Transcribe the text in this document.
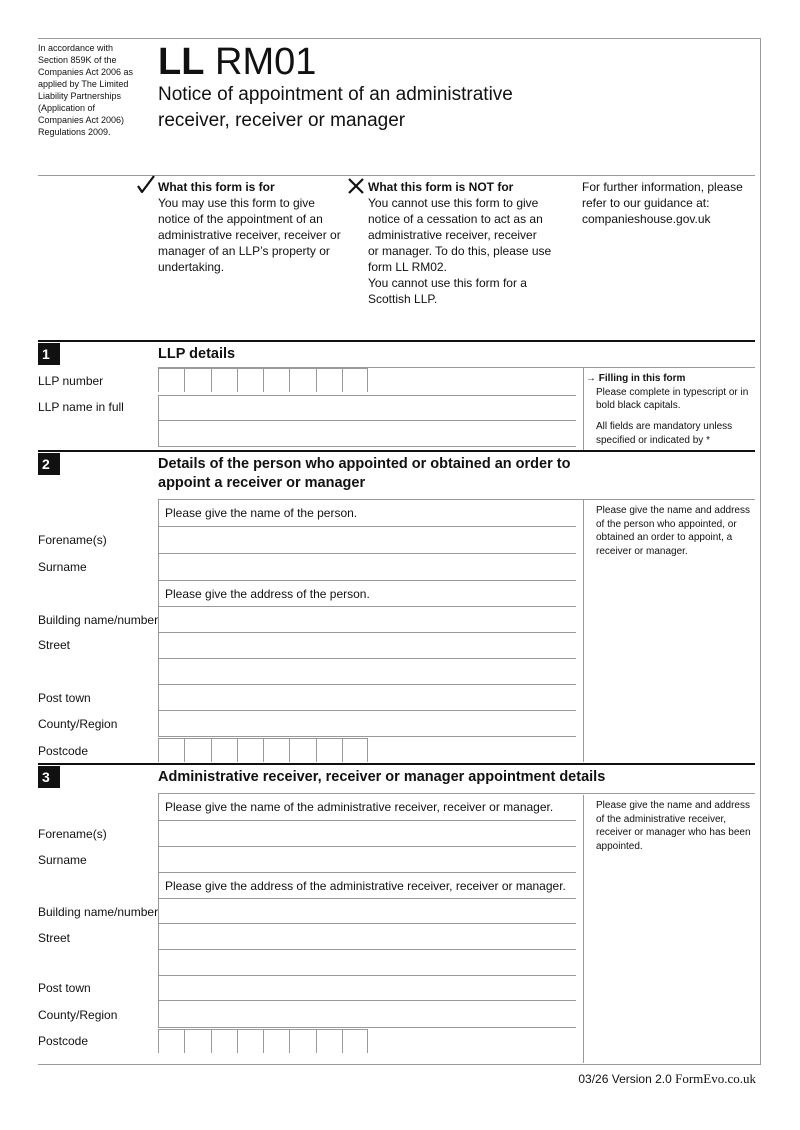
In accordance with
Section 859K of the
Companies Act 2006 as
applied by The Limited
Liability Partnerships
(Application of
Companies Act 2006)
Regulations 2009.
LL RM01
Notice of appointment of an administrative
receiver, receiver or manager
What this form is for
You may use this form to give
notice of the appointment of an
administrative receiver, receiver or
manager of an LLP’s property or
undertaking.
What this form is NOT for
You cannot use this form to give
notice of a cessation to act as an
administrative receiver, receiver
or manager. To do this, please use
form LL RM02.
You cannot use this form for a
Scottish LLP.
For further information, please
refer to our guidance at:
companieshouse.gov.uk
1	LLP details
LLP number
LLP name in full
→ Filling in this form
Please complete in typescript or in
bold black capitals.
All fields are mandatory unless
specified or indicated by *
2	Details of the person who appointed or obtained an order to
appoint a receiver or manager
Please give the name of the person.
Forename(s)
Surname
Please give the address of the person.
Building name/number
Street
Post town
County/Region
Postcode
Please give the name and address
of the person who appointed, or
obtained an order to appoint, a
receiver or manager.
3	Administrative receiver, receiver or manager appointment details
Please give the name of the administrative receiver, receiver or manager.
Forename(s)
Surname
Please give the address of the administrative receiver, receiver or manager.
Building name/number
Street
Post town
County/Region
Postcode
Please give the name and address
of the administrative receiver,
receiver or manager who has been
appointed.
03/26 Version 2.0 FormEvo.co.uk
